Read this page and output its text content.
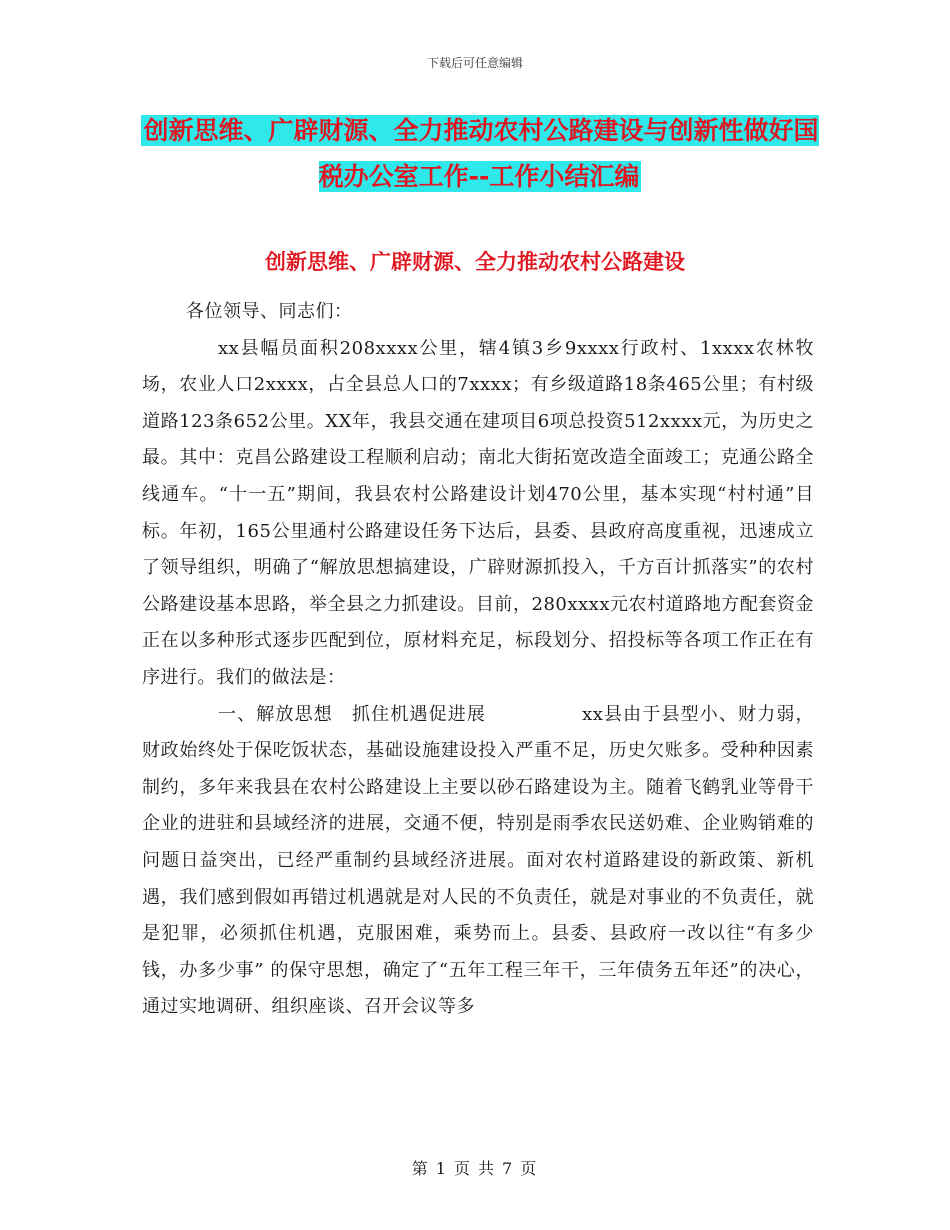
下载后可任意编辑
创新思维、广辟财源、全力推动农村公路建设与创新性做好国税办公室工作--工作小结汇编
创新思维、广辟财源、全力推动农村公路建设

各位领导、同志们：

xx县幅员面积208xxxx公里，辖4镇3乡9xxxx行政村、1xxxx农林牧场，农业人口2xxxx，占全县总人口的7xxxx；有乡级道路18条465公里；有村级道路123条652公里。XX年，我县交通在建项目6项总投资512xxxx元，为历史之最。其中：克昌公路建设工程顺利启动；南北大街拓宽改造全面竣工；克通公路全线通车。“十一五”期间，我县农村公路建设计划470公里，基本实现“村村通”目标。年初，165公里通村公路建设任务下达后，县委、县政府高度重视，迅速成立了领导组织，明确了“解放思想搞建设，广辟财源抓投入，千方百计抓落实”的农村公路建设基本思路，举全县之力抓建设。目前，280xxxx元农村道路地方配套资金正在以多种形式逐步匹配到位，原材料充足，标段划分、招投标等各项工作正在有序进行。我们的做法是：

一、解放思想　抓住机遇促进展	xx县由于县型小、财力弱，财政始终处于保吃饭状态，基础设施建设投入严重不足，历史欠账多。受种种因素制约，多年来我县在农村公路建设上主要以砂石路建设为主。随着飞鹤乳业等骨干企业的进驻和县域经济的进展，交通不便，特别是雨季农民送奶难、企业购销难的问题日益突出，已经严重制约县域经济进展。面对农村道路建设的新政策、新机遇，我们感到假如再错过机遇就是对人民的不负责任，就是对事业的不负责任，就是犯罪，必须抓住机遇，克服困难，乘势而上。县委、县政府一改以往“有多少钱，办多少事” 的保守思想，确定了“五年工程三年干，三年债务五年还”的决心，通过实地调研、组织座谈、召开会议等多

第 1 页 共 7 页
